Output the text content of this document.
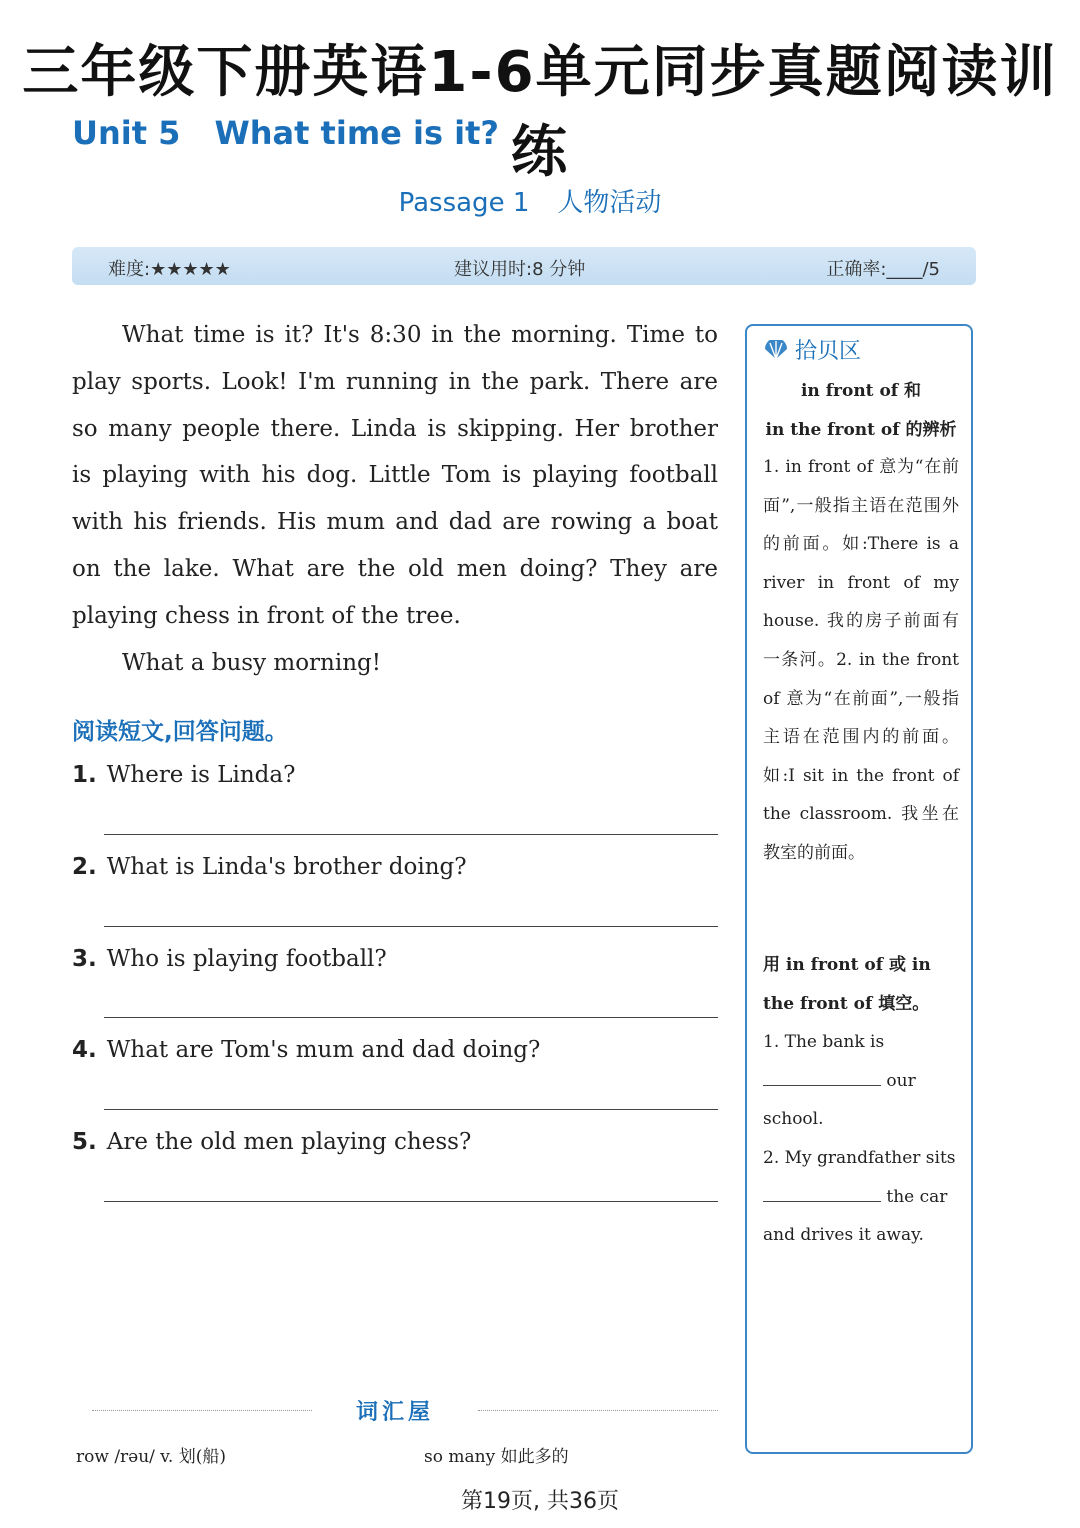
三年级下册英语1-6单元同步真题阅读训练
Unit 5 What time is it?
Passage 1 人物活动
难度:★★★★★	建议用时:8 分钟	正确率:____/5

What time is it? It's 8:30 in the morning. Time to play sports. Look! I'm running in the park. There are so many people there. Linda is skipping. Her brother is playing with his dog. Little Tom is playing football with his friends. His mum and dad are rowing a boat on the lake. What are the old men doing? They are playing chess in front of the tree.

What a busy morning!

阅读短文,回答问题。
1. Where is Linda?
2. What is Linda's brother doing?
3. Who is playing football?
4. What are Tom's mum and dad doing?
5. Are the old men playing chess?
拾贝区
in front of 和
in the front of 的辨析
1. in front of 意为“在前面”,一般指主语在范围外的前面。如:There is a river in front of my house. 我的房子前面有一条河。2. in the front of 意为“在前面”,一般指主语在范围内的前面。如:I sit in the front of the classroom. 我坐在教室的前面。
用 in front of 或 in the front of 填空。
1. The bank is  our school.
2. My grandfather sits  the car and drives it away.
词汇屋
row /rəu/ v. 划(船)	so many 如此多的
第19页, 共36页
